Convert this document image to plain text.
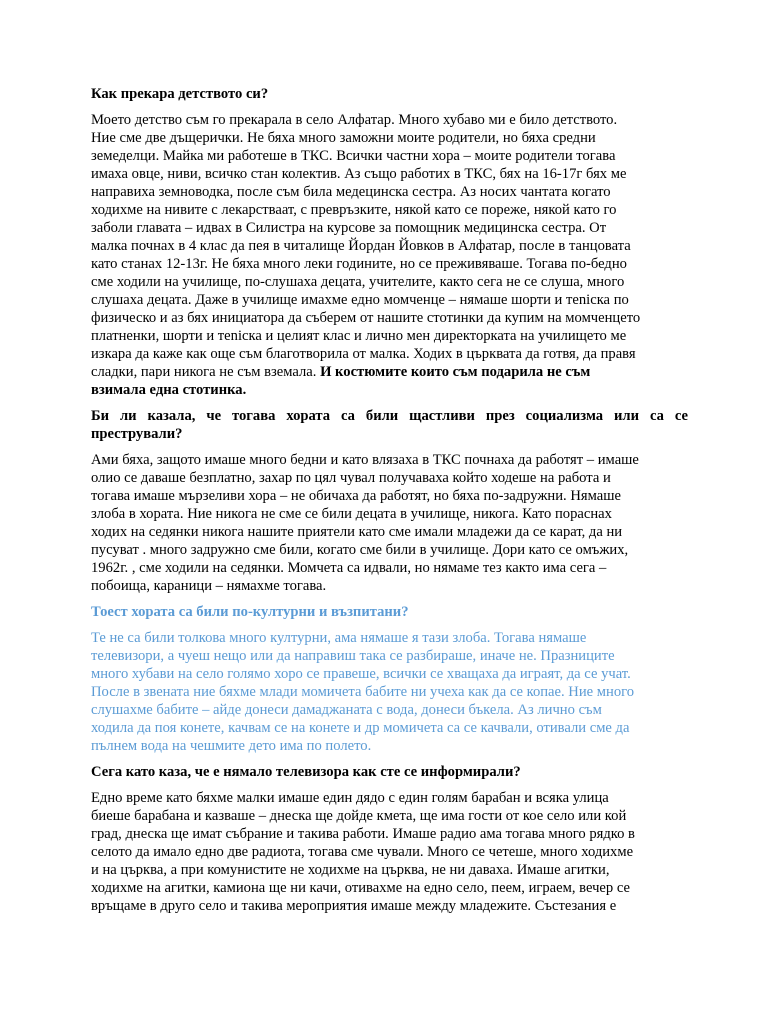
Как прекара детството си?

Моето детство съм го прекарала в село Алфатар. Много хубаво ми е било детството.

Ние сме две дъщерички. Не бяха много заможни моите родители, но бяха средни

земеделци. Майка ми работеше в ТКС. Всички частни хора – моите родители тогава

имаха овце, ниви, всичко стан колектив. Аз също работих в ТКС, бях на 16-17г бях ме

направиха земноводка, после съм била медецинска сестра. Аз носих чантата когато

ходихме на нивите с лекарстваат, с превръзките, някой като се пореже, някой като го

заболи главата – идвах в Силистра на курсове за помощник медицинска сестра. От

малка почнах в 4 клас да пея в читалище Йордан Йовков в Алфатар, после в танцовата

като станах 12-13г. Не бяха много леки годините, но се преживяваше. Тогава по-бедно

сме ходили на училище, по-слушаха децата, учителите, както сега не се слуша, много

слушаха децата. Даже в училище имахме едно момченце – нямаше шорти и теniска по

физическо и аз бях инициатора да съберем от нашите стотинки да купим на момченцето

платненки, шорти и теniска и целият клас и лично мен директорката на училището ме

изкара да каже как още съм благотворила от малка. Ходих в църквата да готвя, да правя

сладки, пари никога не съм вземала. И костюмите които съм подарила не съм

взимала една стотинка.

Би ли казала, че тогава хората са били щастливи през социализма или са се престрували?

Ами бяха, защото имаше много бедни и като влязаха в ТКС почнаха да работят – имаше

олио се даваше безплатно, захар по цял чувал получаваха който ходеше на работа и

тогава имаше мързеливи хора – не обичаха да работят, но бяха по-задружни. Нямаше

злоба в хората. Ние никога не сме се били децата в училище, никога. Като пораснах

ходих на седянки никога нашите приятели като сме имали младежи да се карат, да ни

пусуват . много задружно сме били, когато сме били в училище. Дори като се омъжих,

1962г. , сме ходили на седянки. Момчета са идвали, но нямаме тез както има сега –

побоища, караници – нямахме тогава.

Тоест хората са били по-културни и възпитани?

Те не са били толкова много културни, ама нямаше я тази злоба. Тогава нямаше

телевизори, а чуеш нещо или да направиш така се разбираше, иначе не. Празниците

много хубави на село голямо хоро се правеше, всички се хващаха да играят, да се учат.

После в звената ние бяхме млади момичета бабите ни учеха как да се копае. Ние много

слушахме бабите – айде донеси дамаджаната с вода, донеси бъкела. Аз лично съм

ходила да поя конете, качвам се на конете и др момичета са се качвали, отивали сме да

пълнем вода на чешмите дето има по полето.

Сега като каза, че е нямало телевизора как сте се информирали?

Едно време като бяхме малки имаше един дядо с един голям барабан и всяка улица

биеше барабана и казваше – днеска ще дойде кмета, ще има гости от кое село или кой

град, днеска ще имат събрание и такива работи. Имаше радио ама тогава много рядко в

селото да имало едно две радиота, тогава сме чували. Много се четеше, много ходихме

и на църква, а при комунистите не ходихме на църква, не ни даваха. Имаше агитки,

ходихме на агитки, камиона ще ни качи, отивахме на едно село, пеем, играем, вечер се

връщаме в друго село и такива мероприятия имаше между младежите. Състезания е
